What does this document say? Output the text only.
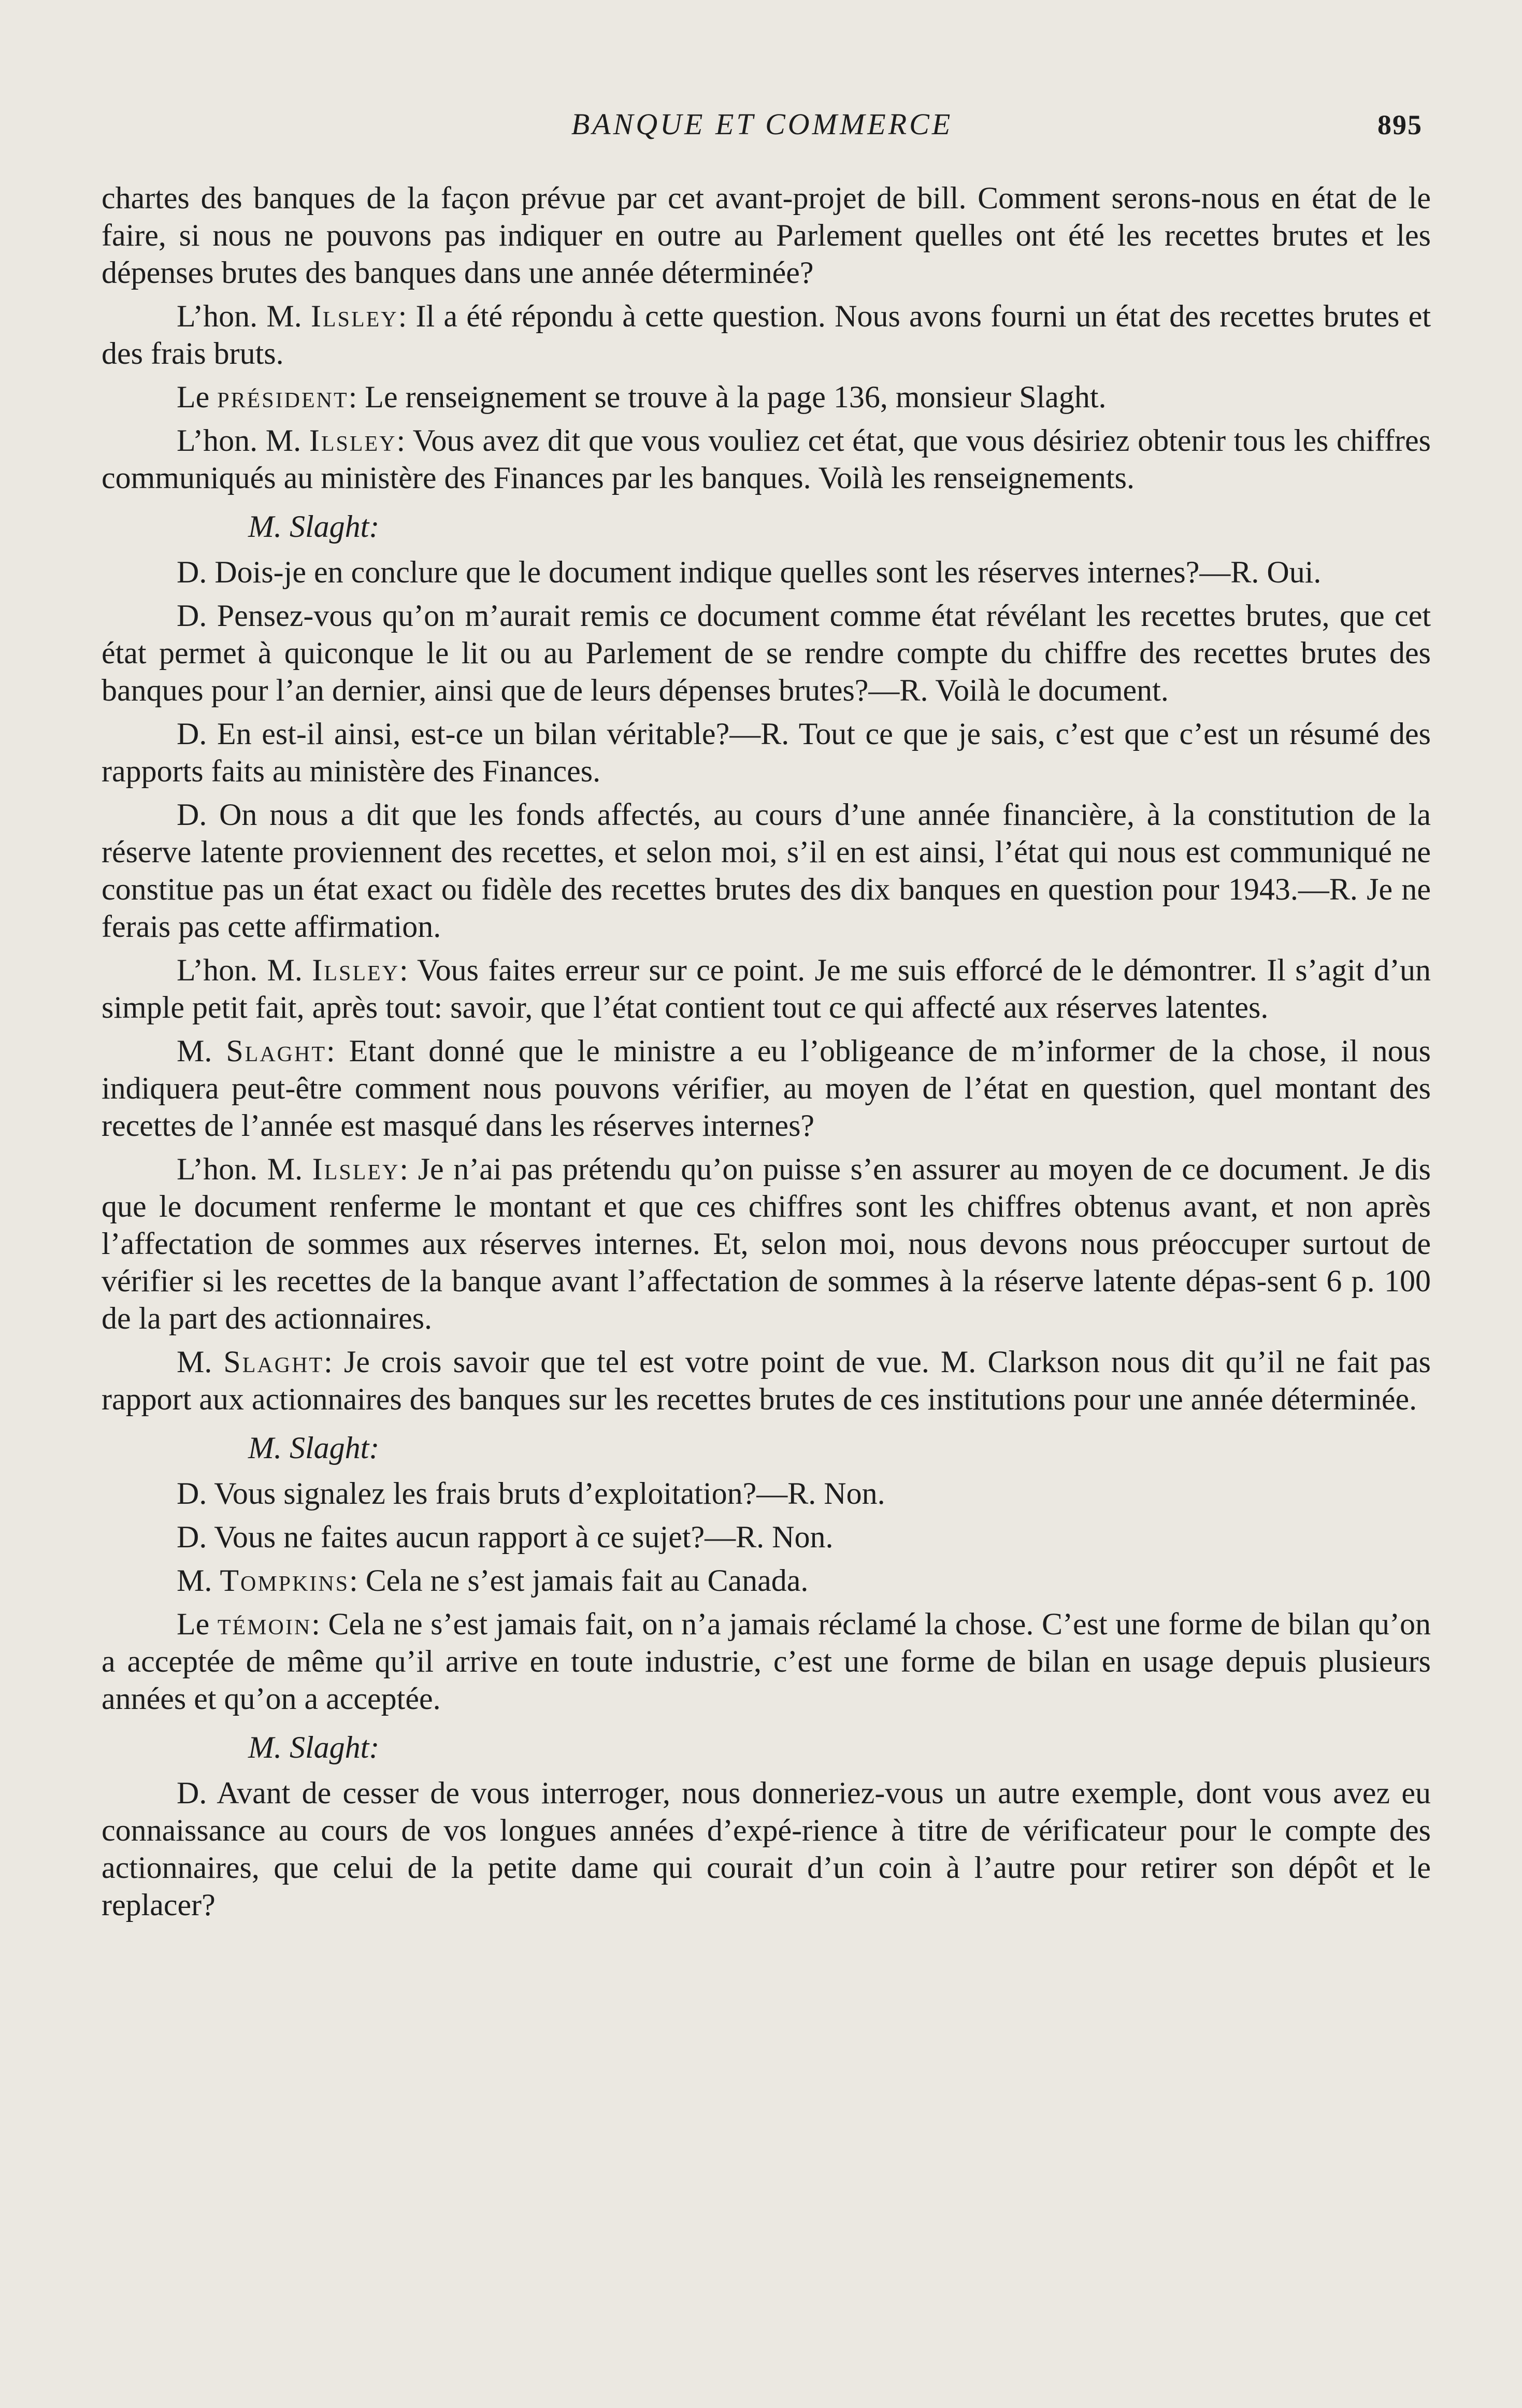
BANQUE ET COMMERCE	895
chartes des banques de la façon prévue par cet avant-projet de bill. Comment serons-nous en état de le faire, si nous ne pouvons pas indiquer en outre au Parlement quelles ont été les recettes brutes et les dépenses brutes des banques dans une année déterminée?
L’hon. M. Ilsley: Il a été répondu à cette question. Nous avons fourni un état des recettes brutes et des frais bruts.
Le président: Le renseignement se trouve à la page 136, monsieur Slaght.
L’hon. M. Ilsley: Vous avez dit que vous vouliez cet état, que vous désiriez obtenir tous les chiffres communiqués au ministère des Finances par les banques. Voilà les renseignements.
M. Slaght:
D. Dois-je en conclure que le document indique quelles sont les réserves internes?—R. Oui.
D. Pensez-vous qu’on m’aurait remis ce document comme état révélant les recettes brutes, que cet état permet à quiconque le lit ou au Parlement de se rendre compte du chiffre des recettes brutes des banques pour l’an dernier, ainsi que de leurs dépenses brutes?—R. Voilà le document.
D. En est-il ainsi, est-ce un bilan véritable?—R. Tout ce que je sais, c’est que c’est un résumé des rapports faits au ministère des Finances.
D. On nous a dit que les fonds affectés, au cours d’une année financière, à la constitution de la réserve latente proviennent des recettes, et selon moi, s’il en est ainsi, l’état qui nous est communiqué ne constitue pas un état exact ou fidèle des recettes brutes des dix banques en question pour 1943.—R. Je ne ferais pas cette affirmation.
L’hon. M. Ilsley: Vous faites erreur sur ce point. Je me suis efforcé de le démontrer. Il s’agit d’un simple petit fait, après tout: savoir, que l’état contient tout ce qui affecté aux réserves latentes.
M. Slaght: Etant donné que le ministre a eu l’obligeance de m’informer de la chose, il nous indiquera peut-être comment nous pouvons vérifier, au moyen de l’état en question, quel montant des recettes de l’année est masqué dans les réserves internes?
L’hon. M. Ilsley: Je n’ai pas prétendu qu’on puisse s’en assurer au moyen de ce document. Je dis que le document renferme le montant et que ces chiffres sont les chiffres obtenus avant, et non après l’affectation de sommes aux réserves internes. Et, selon moi, nous devons nous préoccuper surtout de vérifier si les recettes de la banque avant l’affectation de sommes à la réserve latente dépas-sent 6 p. 100 de la part des actionnaires.
M. Slaght: Je crois savoir que tel est votre point de vue. M. Clarkson nous dit qu’il ne fait pas rapport aux actionnaires des banques sur les recettes brutes de ces institutions pour une année déterminée.
M. Slaght:
D. Vous signalez les frais bruts d’exploitation?—R. Non.
D. Vous ne faites aucun rapport à ce sujet?—R. Non.
M. Tompkins: Cela ne s’est jamais fait au Canada.
Le témoin: Cela ne s’est jamais fait, on n’a jamais réclamé la chose. C’est une forme de bilan qu’on a acceptée de même qu’il arrive en toute industrie, c’est une forme de bilan en usage depuis plusieurs années et qu’on a acceptée.
M. Slaght:
D. Avant de cesser de vous interroger, nous donneriez-vous un autre exemple, dont vous avez eu connaissance au cours de vos longues années d’expé-rience à titre de vérificateur pour le compte des actionnaires, que celui de la petite dame qui courait d’un coin à l’autre pour retirer son dépôt et le replacer?
